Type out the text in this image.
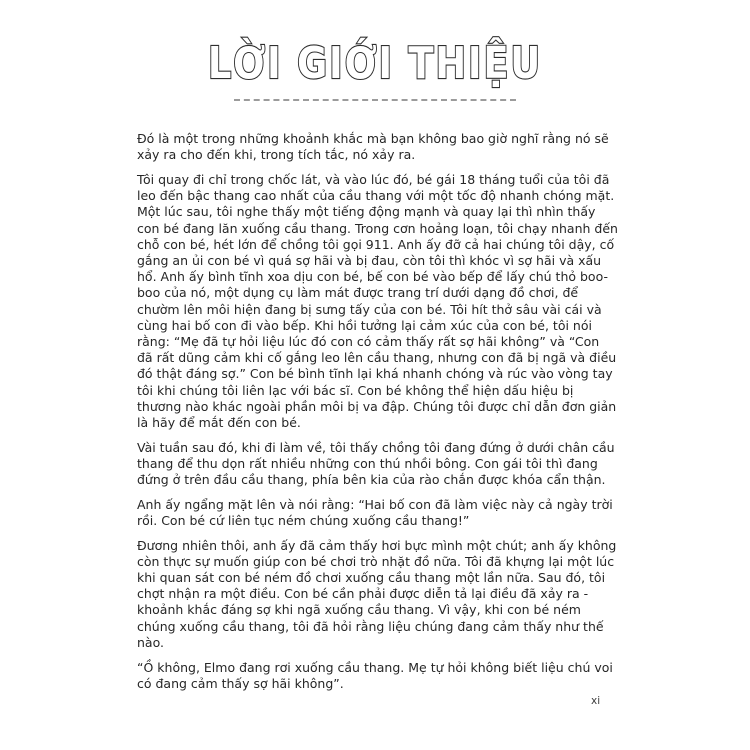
LỜI GIỚI THIỆU

Đó là một trong những khoảnh khắc mà bạn không bao giờ nghĩ rằng nó sẽ xảy ra cho đến khi, trong tích tắc, nó xảy ra.

Tôi quay đi chỉ trong chốc lát, và vào lúc đó, bé gái 18 tháng tuổi của tôi đã leo đến bậc thang cao nhất của cầu thang với một tốc độ nhanh chóng mặt. Một lúc sau, tôi nghe thấy một tiếng động mạnh và quay lại thì nhìn thấy con bé đang lăn xuống cầu thang. Trong cơn hoảng loạn, tôi chạy nhanh đến chỗ con bé, hét lớn để chồng tôi gọi 911. Anh ấy đỡ cả hai chúng tôi dậy, cố gắng an ủi con bé vì quá sợ hãi và bị đau, còn tôi thì khóc vì sợ hãi và xấu hổ. Anh ấy bình tĩnh xoa dịu con bé, bế con bé vào bếp để lấy chú thỏ boo-boo của nó, một dụng cụ làm mát được trang trí dưới dạng đồ chơi, để chườm lên môi hiện đang bị sưng tấy của con bé. Tôi hít thở sâu vài cái và cùng hai bố con đi vào bếp. Khi hồi tưởng lại cảm xúc của con bé, tôi nói rằng: “Mẹ đã tự hỏi liệu lúc đó con có cảm thấy rất sợ hãi không” và “Con đã rất dũng cảm khi cố gắng leo lên cầu thang, nhưng con đã bị ngã và điều đó thật đáng sợ.” Con bé bình tĩnh lại khá nhanh chóng và rúc vào vòng tay tôi khi chúng tôi liên lạc với bác sĩ. Con bé không thể hiện dấu hiệu bị thương nào khác ngoài phần môi bị va đập. Chúng tôi được chỉ dẫn đơn giản là hãy để mắt đến con bé.

Vài tuần sau đó, khi đi làm về, tôi thấy chồng tôi đang đứng ở dưới chân cầu thang để thu dọn rất nhiều những con thú nhồi bông. Con gái tôi thì đang đứng ở trên đầu cầu thang, phía bên kia của rào chắn được khóa cẩn thận.

Anh ấy ngẩng mặt lên và nói rằng: “Hai bố con đã làm việc này cả ngày trời rồi. Con bé cứ liên tục ném chúng xuống cầu thang!”

Đương nhiên thôi, anh ấy đã cảm thấy hơi bực mình một chút; anh ấy không còn thực sự muốn giúp con bé chơi trò nhặt đồ nữa. Tôi đã khựng lại một lúc khi quan sát con bé ném đồ chơi xuống cầu thang một lần nữa. Sau đó, tôi chợt nhận ra một điều. Con bé cần phải được diễn tả lại điều đã xảy ra - khoảnh khắc đáng sợ khi ngã xuống cầu thang. Vì vậy, khi con bé ném chúng xuống cầu thang, tôi đã hỏi rằng liệu chúng đang cảm thấy như thế nào.

“Ồ không, Elmo đang rơi xuống cầu thang. Mẹ tự hỏi không biết liệu chú voi có đang cảm thấy sợ hãi không”.

xi
